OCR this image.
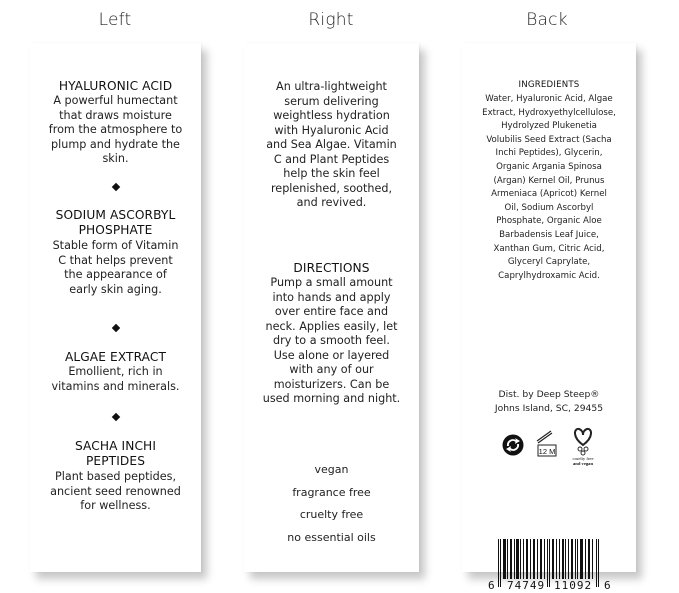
Left	Right	Back
HYALURONIC ACID
A powerful humectant
that draws moisture
from the atmosphere to
plump and hydrate the
skin.
SODIUM ASCORBYL
PHOSPHATE
Stable form of Vitamin
C that helps prevent
the appearance of
early skin aging.
ALGAE EXTRACT
Emollient, rich in
vitamins and minerals.
SACHA INCHI
PEPTIDES
Plant based peptides,
ancient seed renowned
for wellness.
An ultra-lightweight
serum delivering
weightless hydration
with Hyaluronic Acid
and Sea Algae. Vitamin
C and Plant Peptides
help the skin feel
replenished, soothed,
and revived.
DIRECTIONS
Pump a small amount
into hands and apply
over entire face and
neck. Applies easily, let
dry to a smooth feel.
Use alone or layered
with any of our
moisturizers. Can be
used morning and night.
vegan
fragrance free
cruelty free
no essential oils
INGREDIENTS
Water, Hyaluronic Acid, Algae
Extract, Hydroxyethylcellulose,
Hydrolyzed Plukenetia
Volubilis Seed Extract (Sacha
Inchi Peptides), Glycerin,
Organic Argania Spinosa
(Argan) Kernel Oil, Prunus
Armeniaca (Apricot) Kernel
Oil, Sodium Ascorbyl
Phosphate, Organic Aloe
Barbadensis Leaf Juice,
Xanthan Gum, Citric Acid,
Glyceryl Caprylate,
Caprylhydroxamic Acid.
Dist. by Deep Steep®
Johns Island, SC, 29455
12 M
cruelty free
and vegan
6 74749 11092 6
